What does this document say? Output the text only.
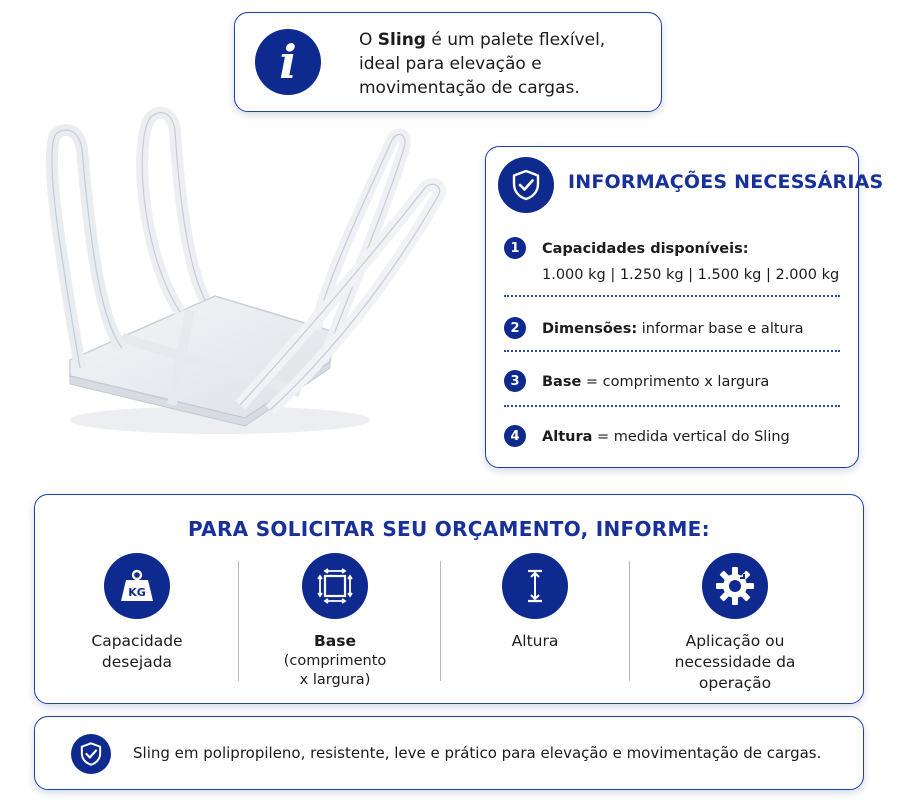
i	O Sling é um palete flexível,
ideal para elevação e
movimentação de cargas.
INFORMAÇÕES NECESSÁRIAS
1	Capacidades disponíveis:
1.000 kg | 1.250 kg | 1.500 kg | 2.000 kg
2	Dimensões: informar base e altura
3	Base = comprimento x largura
4	Altura = medida vertical do Sling
PARA SOLICITAR SEU ORÇAMENTO, INFORME:
KG
Capacidade
desejada
Base
(comprimento
x largura)
Altura	Aplicação ou
necessidade da
operação
Sling em polipropileno, resistente, leve e prático para elevação e movimentação de cargas.
